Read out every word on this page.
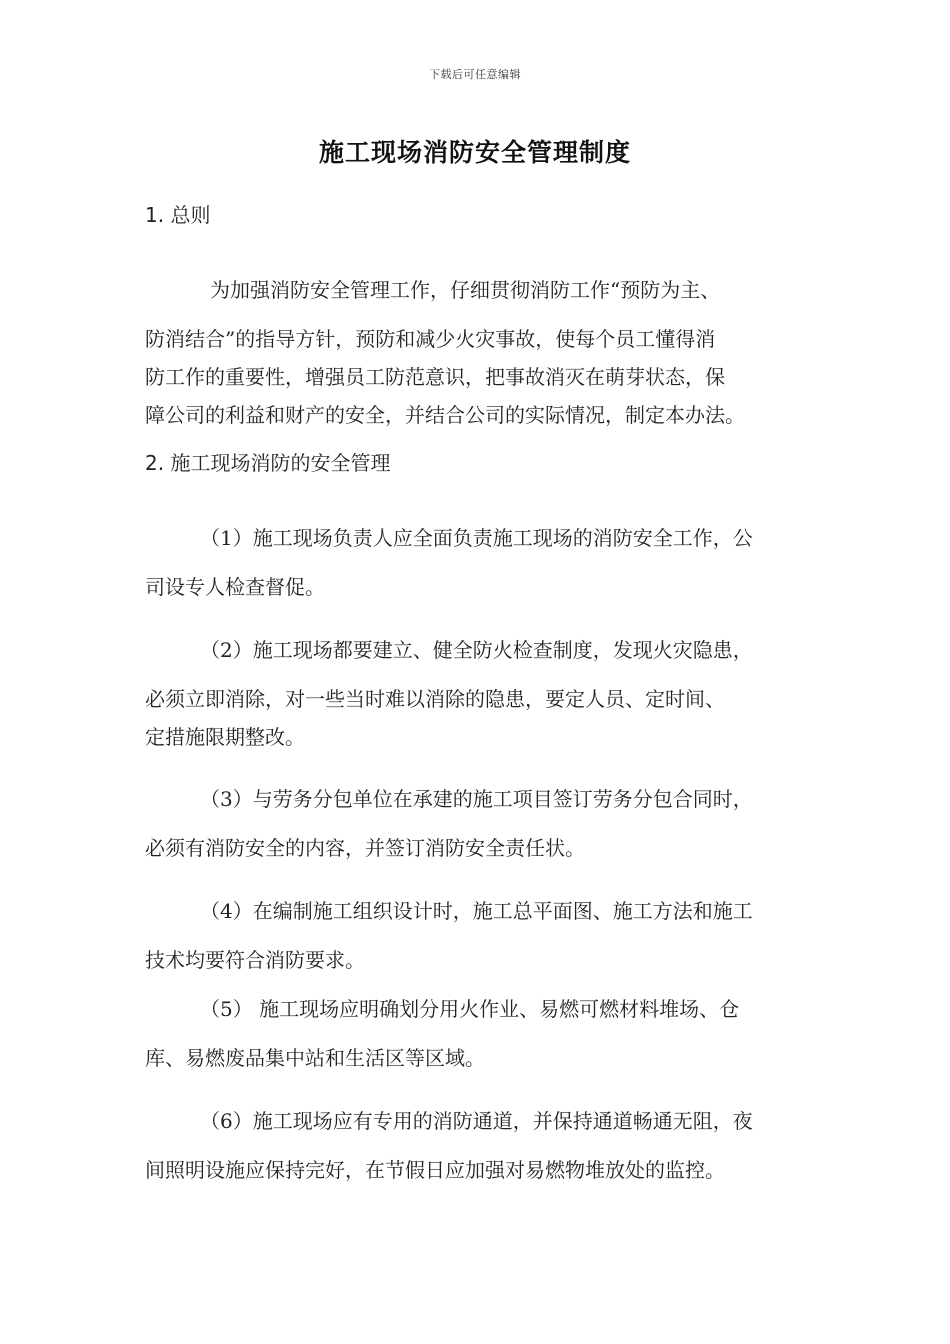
下载后可任意编辑
施工现场消防安全管理制度
1. 总则
为加强消防安全管理工作，仔细贯彻消防工作“预防为主、
防消结合”的指导方针，预防和减少火灾事故，使每个员工懂得消
防工作的重要性，增强员工防范意识，把事故消灭在萌芽状态，保
障公司的利益和财产的安全，并结合公司的实际情况，制定本办法。
2. 施工现场消防的安全管理
（1）施工现场负责人应全面负责施工现场的消防安全工作，公
司设专人检查督促。
（2）施工现场都要建立、健全防火检查制度，发现火灾隐患，
必须立即消除，对一些当时难以消除的隐患，要定人员、定时间、
定措施限期整改。
（3）与劳务分包单位在承建的施工项目签订劳务分包合同时，
必须有消防安全的内容，并签订消防安全责任状。
（4）在编制施工组织设计时，施工总平面图、施工方法和施工
技术均要符合消防要求。
（5） 施工现场应明确划分用火作业、易燃可燃材料堆场、仓
库、易燃废品集中站和生活区等区域。
（6）施工现场应有专用的消防通道，并保持通道畅通无阻，夜
间照明设施应保持完好，在节假日应加强对易燃物堆放处的监控。
